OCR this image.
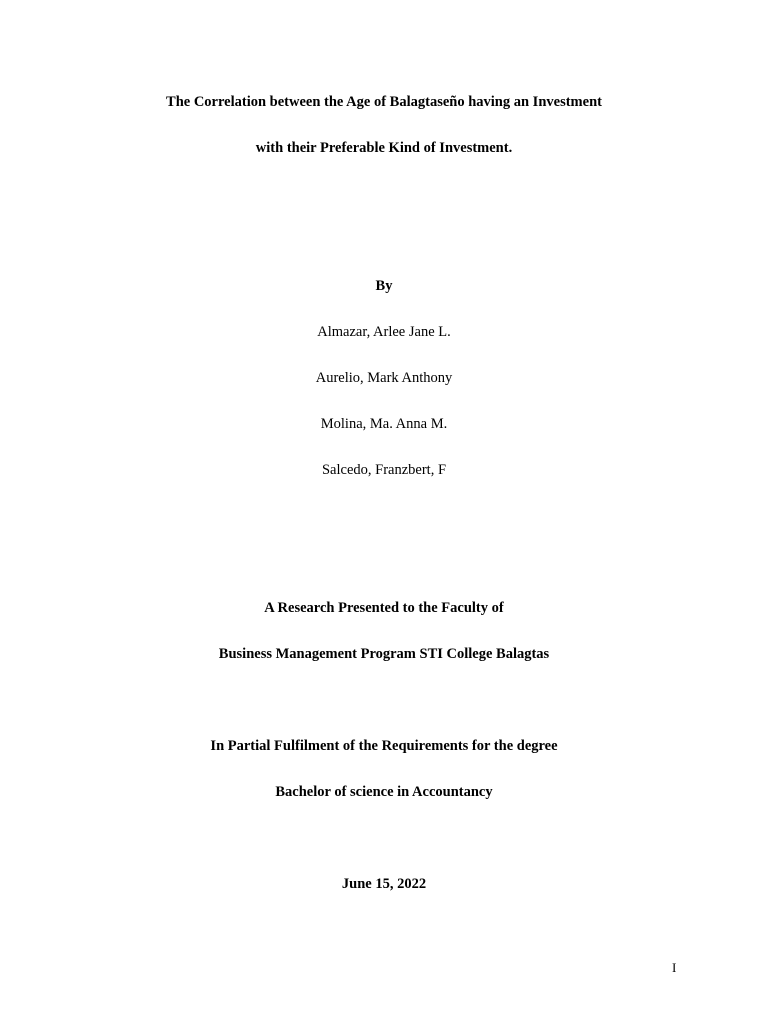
The Correlation between the Age of Balagtaseño having an Investment
with their Preferable Kind of Investment.
By
Almazar, Arlee Jane L.
Aurelio, Mark Anthony
Molina, Ma. Anna M.
Salcedo, Franzbert, F
A Research Presented to the Faculty of
Business Management Program STI College Balagtas
In Partial Fulfilment of the Requirements for the degree
Bachelor of science in Accountancy
June 15, 2022
I
